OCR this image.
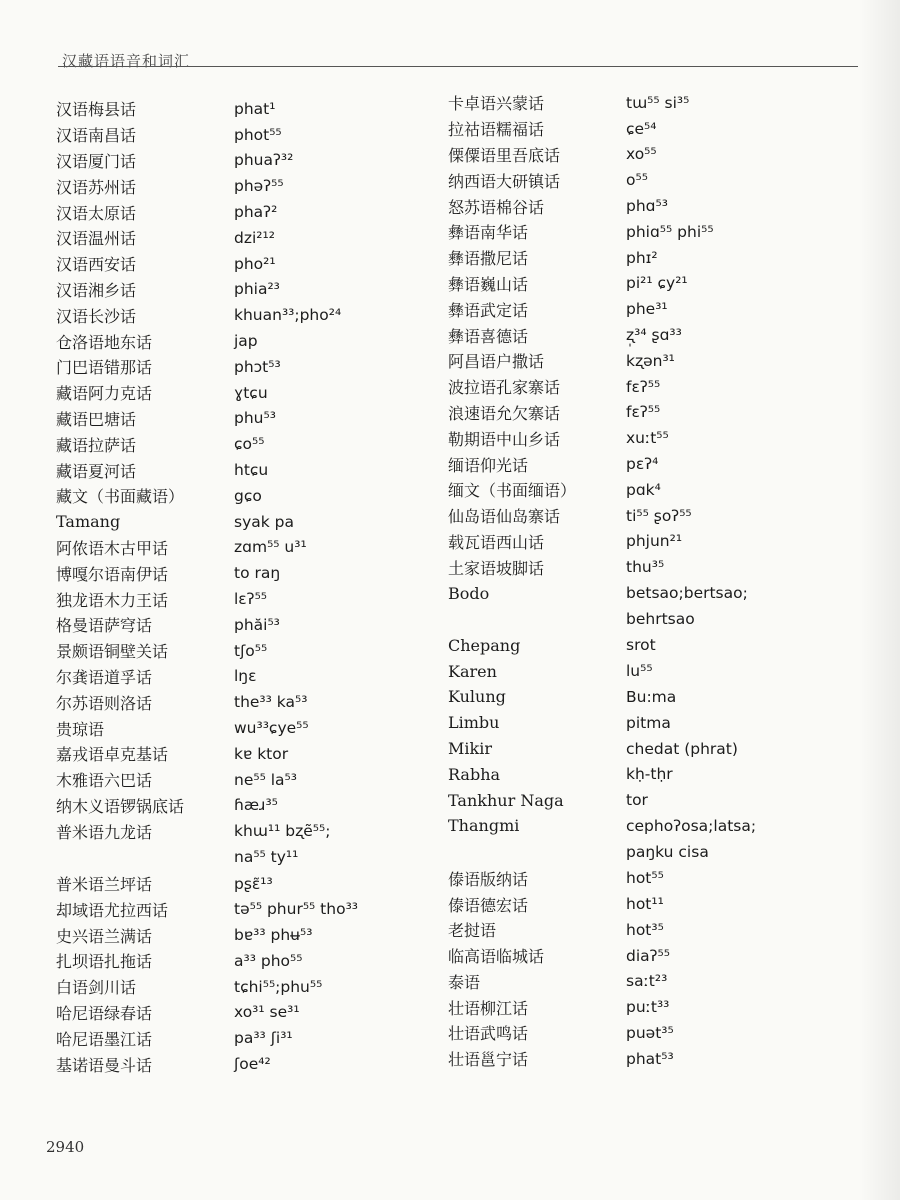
汉藏语语音和词汇
汉语梅县话	phat¹
汉语南昌话	phot⁵⁵
汉语厦门话	phuaʔ³²
汉语苏州话	phəʔ⁵⁵
汉语太原话	phaʔ²
汉语温州话	dzi²¹²
汉语西安话	pho²¹
汉语湘乡话	phia²³
汉语长沙话	khuan³³;pho²⁴
仓洛语地东话	jap
门巴语错那话	phɔt⁵³
藏语阿力克话	ɣtɕu
藏语巴塘话	phu⁵³
藏语拉萨话	ɕo⁵⁵
藏语夏河话	htɕu
藏文（书面藏语）	gɕo
Tamang	syak pa
阿侬语木古甲话	zɑm⁵⁵ u³¹
博嘎尔语南伊话	to raŋ
独龙语木力王话	lɛʔ⁵⁵
格曼语萨穹话	phăi⁵³
景颇语铜壁关话	tʃo⁵⁵
尔龚语道孚话	lŋɛ
尔苏语则洛话	the³³ ka⁵³
贵琼语	wu³³ɕye⁵⁵
嘉戎语卓克基话	kɐ ktor
木雅语六巴话	ne⁵⁵ la⁵³
纳木义语锣锅底话	ɦæɹ³⁵
普米语九龙话	khɯ¹¹ bʐẽ⁵⁵;
na⁵⁵ ty¹¹
普米语兰坪话	pʂɛ̃¹³
却域语尤拉西话	tə⁵⁵ phur⁵⁵ tho³³
史兴语兰满话	bɐ³³ phʉ⁵³
扎坝语扎拖话	a³³ pho⁵⁵
白语剑川话	tɕhi⁵⁵;phu⁵⁵
哈尼语绿春话	xo³¹ se³¹
哈尼语墨江话	pa³³ ʃi³¹
基诺语曼斗话	ʃoe⁴²
卡卓语兴蒙话	tɯ⁵⁵ si³⁵
拉祜语糯福话	ɕe⁵⁴
傈僳语里吾底话	xo⁵⁵
纳西语大研镇话	o⁵⁵
怒苏语棉谷话	phɑ⁵³
彝语南华话	phiɑ⁵⁵ phi⁵⁵
彝语撒尼话	phɪ²
彝语巍山话	pi²¹ ɕy²¹
彝语武定话	phe³¹
彝语喜德话	ʐ̩³⁴ ʂɑ³³
阿昌语户撒话	kʐən³¹
波拉语孔家寨话	fɛʔ⁵⁵
浪速语允欠寨话	fɛʔ⁵⁵
勒期语中山乡话	xuːt⁵⁵
缅语仰光话	pɛʔ⁴
缅文（书面缅语）	pɑk⁴
仙岛语仙岛寨话	ti⁵⁵ ʂoʔ⁵⁵
载瓦语西山话	phjun²¹
土家语坡脚话	thu³⁵
Bodo	betsao;bertsao;
behrtsao
Chepang	srot
Karen	lu⁵⁵
Kulung	Bu:ma
Limbu	pitma
Mikir	chedat (phrat)
Rabha	kḥ-tḥr
Tankhur Naga	tor
Thangmi	cephoʔosa;latsa;
paŋku cisa
傣语版纳话	hot⁵⁵
傣语德宏话	hot¹¹
老挝语	hot³⁵
临高语临城话	diaʔ⁵⁵
泰语	saːt²³
壮语柳江话	puːt³³
壮语武鸣话	puət³⁵
壮语邕宁话	phat⁵³
2940
